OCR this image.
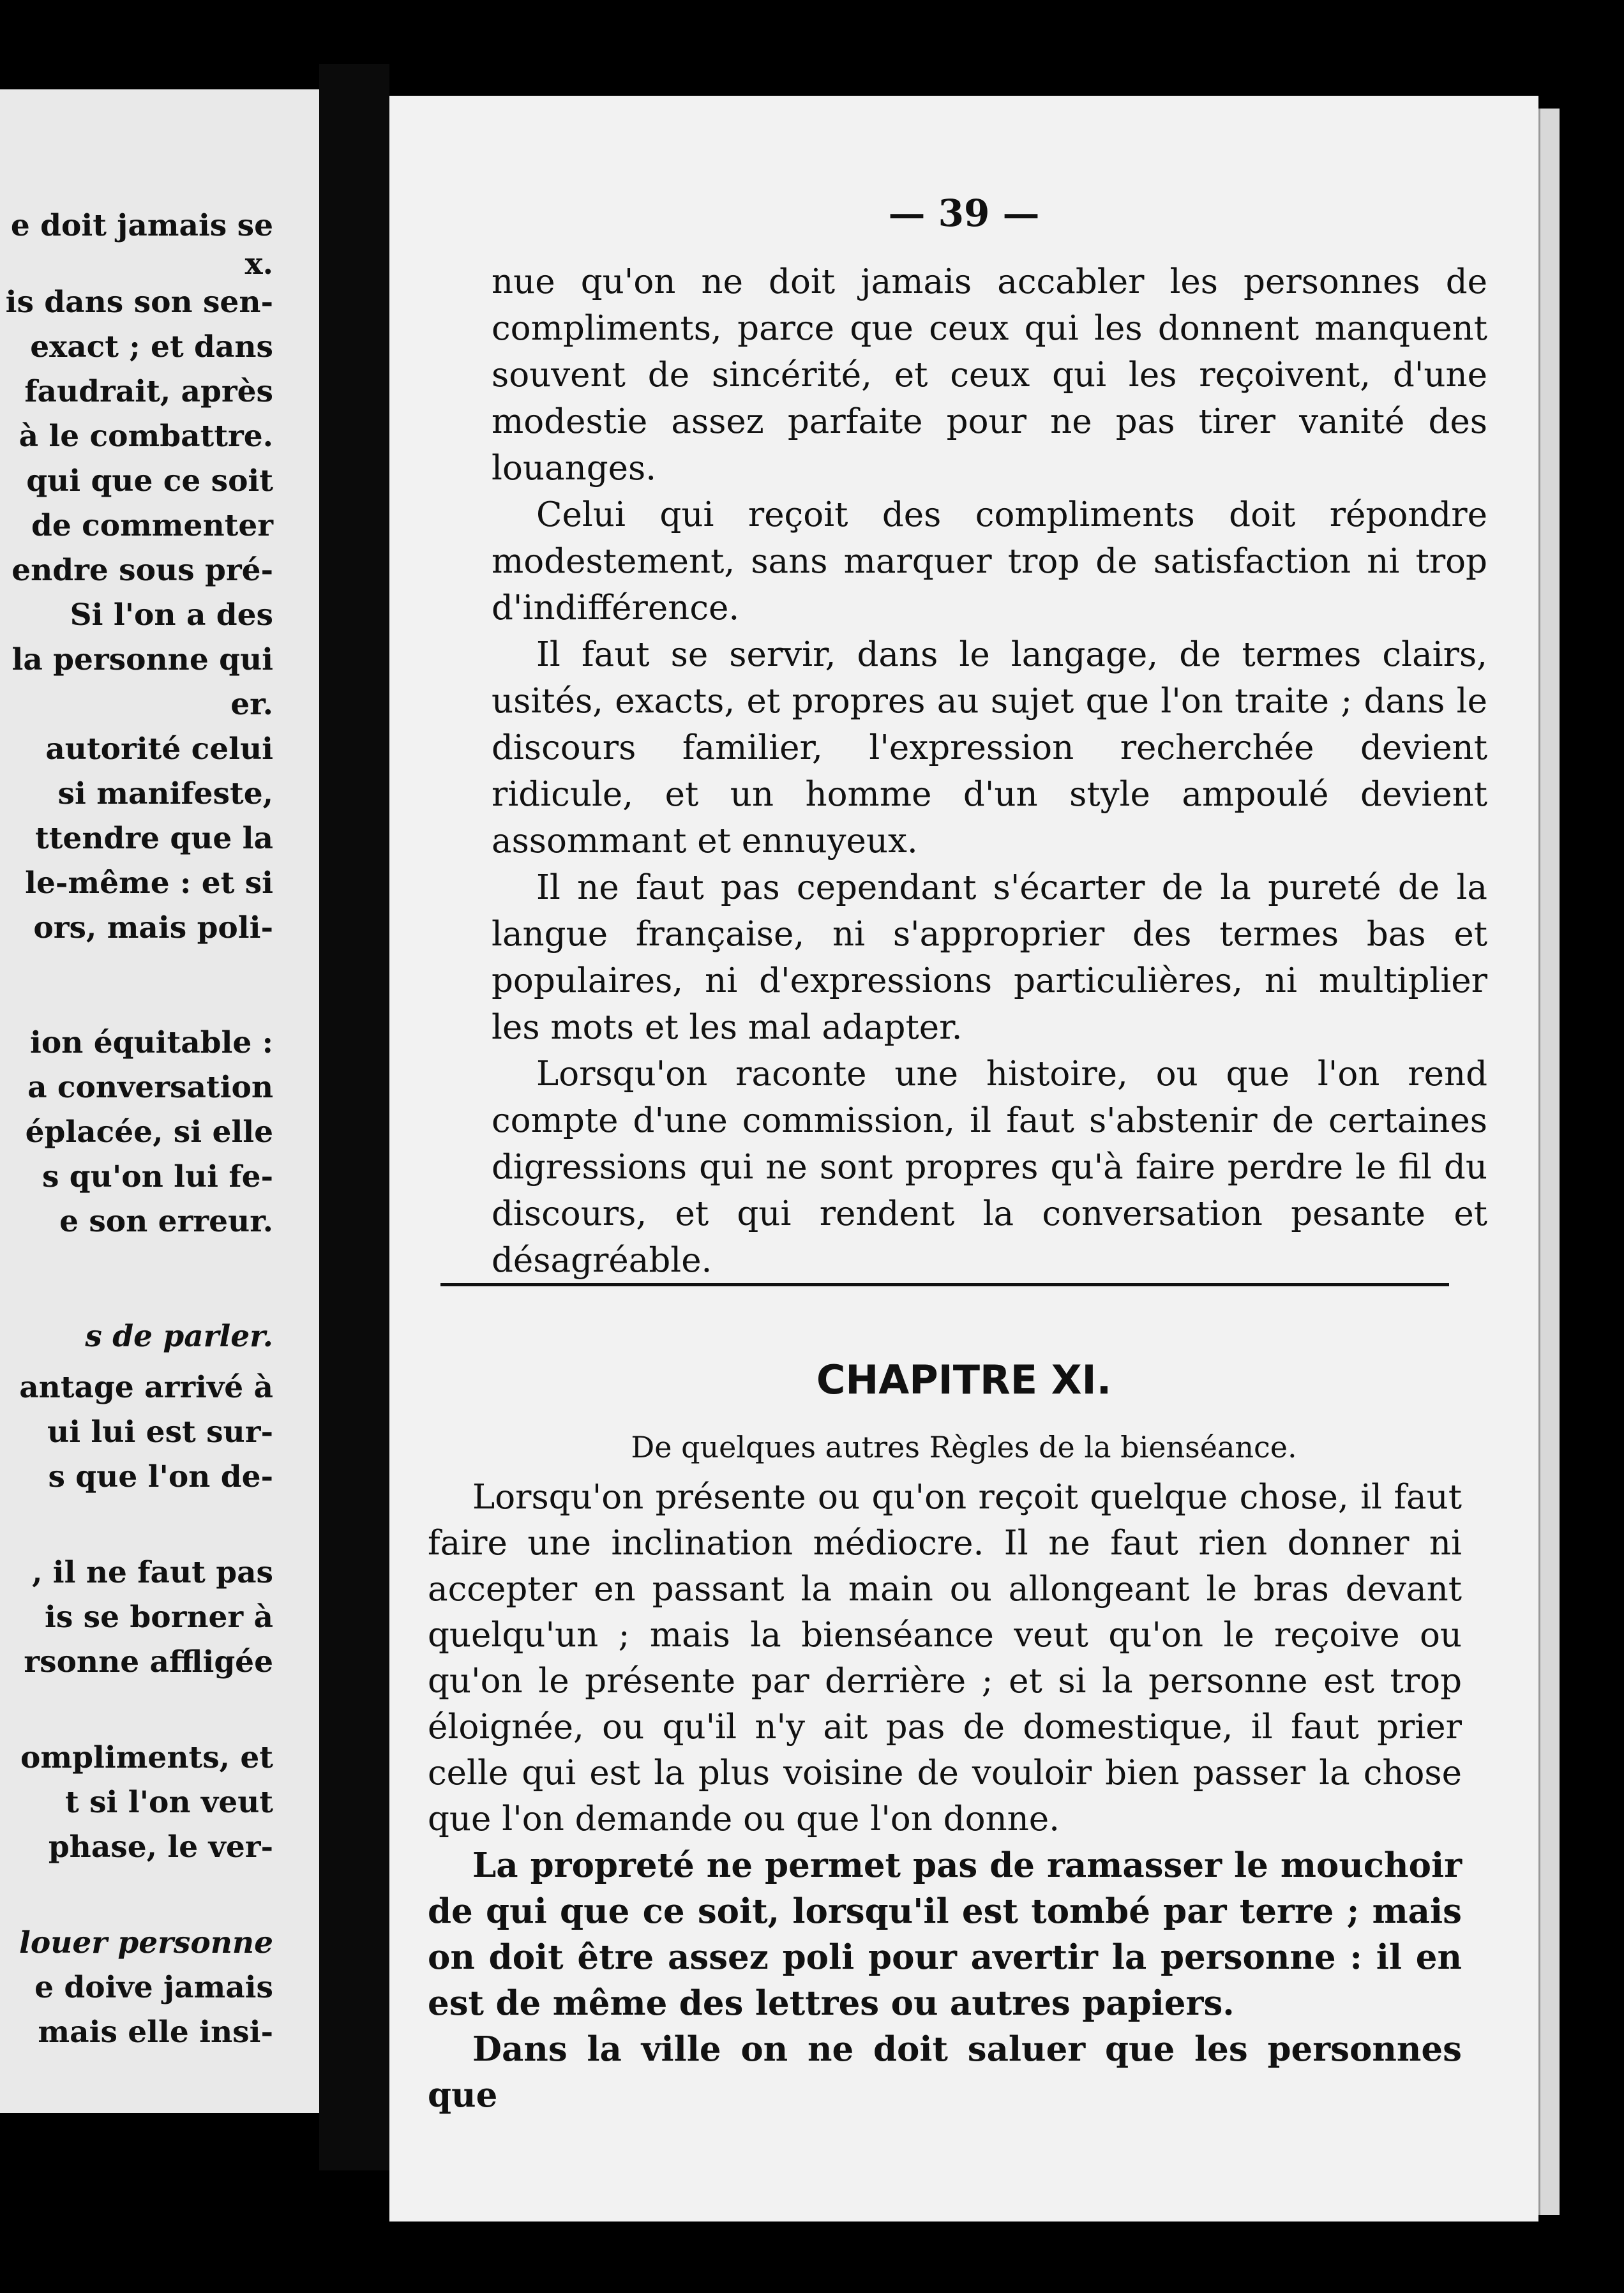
e doit jamais se
x.
is dans son sen-
exact ; et dans
faudrait, après
à le combattre.
qui que ce soit
de commenter
endre sous pré-
Si l'on a des
la personne qui
er.
autorité celui
si manifeste,
ttendre que la
le-même : et si
ors, mais poli-
ion équitable :
a conversation
éplacée, si elle
s qu'on lui fe-
e son erreur.
s de parler.
antage arrivé à
ui lui est sur-
s que l'on de-
, il ne faut pas
is se borner à
rsonne affligée
ompliments, et
t si l'on veut
phase, le ver-
louer personne
e doive jamais
mais elle insi-
— 39 —

nue qu'on ne doit jamais accabler les personnes de compliments, parce que ceux qui les donnent manquent souvent de sincérité, et ceux qui les reçoivent, d'une modestie assez parfaite pour ne pas tirer vanité des louanges.

Celui qui reçoit des compliments doit répondre modestement, sans marquer trop de satisfaction ni trop d'indifférence.

Il faut se servir, dans le langage, de termes clairs, usités, exacts, et propres au sujet que l'on traite ; dans le discours familier, l'expression recherchée devient ridicule, et un homme d'un style ampoulé devient assommant et ennuyeux.

Il ne faut pas cependant s'écarter de la pureté de la langue française, ni s'approprier des termes bas et populaires, ni d'expressions particulières, ni multiplier les mots et les mal adapter.

Lorsqu'on raconte une histoire, ou que l'on rend compte d'une commission, il faut s'abstenir de certaines digressions qui ne sont propres qu'à faire perdre le fil du discours, et qui rendent la conversation pesante et désagréable.

CHAPITRE XI.
De quelques autres Règles de la bienséance.

Lorsqu'on présente ou qu'on reçoit quelque chose, il faut faire une inclination médiocre. Il ne faut rien donner ni accepter en passant la main ou allongeant le bras devant quelqu'un ; mais la bienséance veut qu'on le reçoive ou qu'on le présente par derrière ; et si la personne est trop éloignée, ou qu'il n'y ait pas de domestique, il faut prier celle qui est la plus voisine de vouloir bien passer la chose que l'on demande ou que l'on donne.

La propreté ne permet pas de ramasser le mouchoir de qui que ce soit, lorsqu'il est tombé par terre ; mais on doit être assez poli pour avertir la personne : il en est de même des lettres ou autres papiers.

Dans la ville on ne doit saluer que les personnes que
